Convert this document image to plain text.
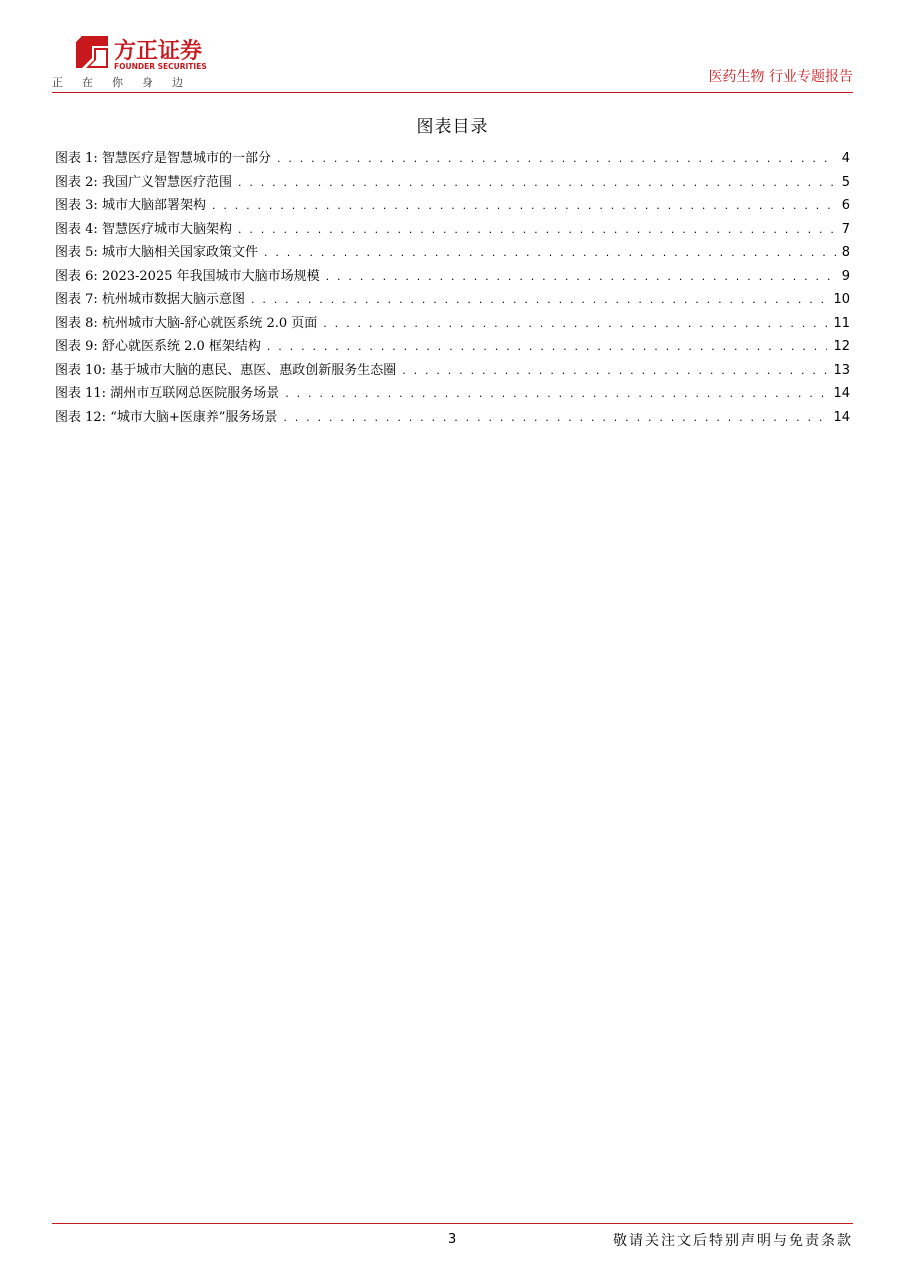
方正证券
FOUNDER SECURITIES
正在你身边	医药生物 行业专题报告
图表目录
图表 1: 智慧医疗是智慧城市的一部分 . . .	4
图表 2: 我国广义智慧医疗范围 . . .	5
图表 3: 城市大脑部署架构 . . .	6
图表 4: 智慧医疗城市大脑架构 . . .	7
图表 5: 城市大脑相关国家政策文件 . . .	8
图表 6: 2023-2025 年我国城市大脑市场规模 . . .	9
图表 7: 杭州城市数据大脑示意图 . . .	10
图表 8: 杭州城市大脑-舒心就医系统 2.0 页面 . . .	11
图表 9: 舒心就医系统 2.0 框架结构 . . .	12
图表 10: 基于城市大脑的惠民、惠医、惠政创新服务生态圈 . . .	13
图表 11: 湖州市互联网总医院服务场景 . . .	14
图表 12: “城市大脑+医康养”服务场景 . . .	14
3	敬请关注文后特别声明与免责条款
